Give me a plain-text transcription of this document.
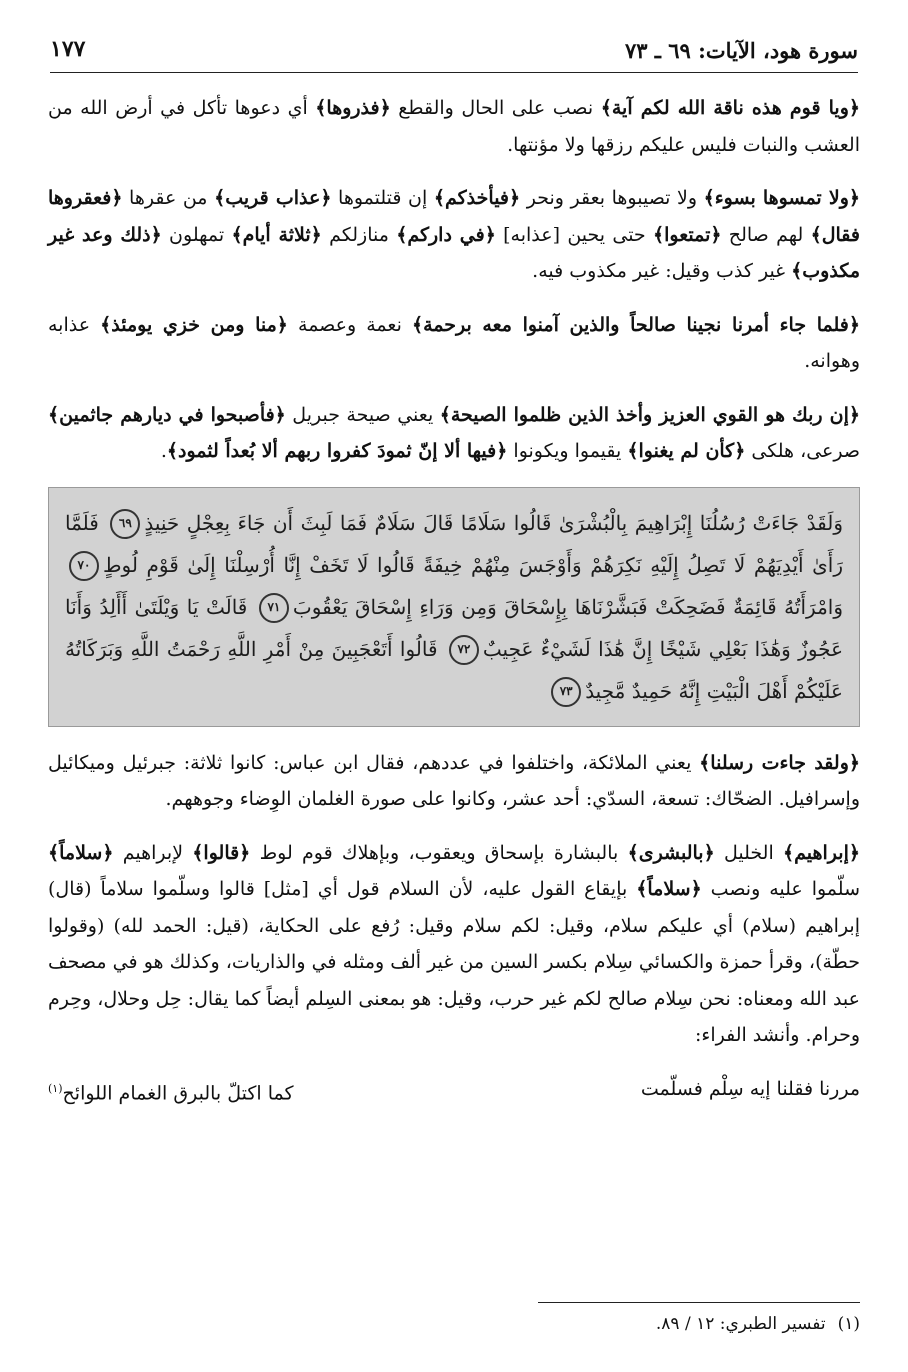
سورة هود، الآيات: ٦٩ ـ ٧٣
١٧٧

﴿ويا قوم هذه ناقة الله لكم آية﴾ نصب على الحال والقطع ﴿فذروها﴾ أي دعوها تأكل في أرض الله من العشب والنبات فليس عليكم رزقها ولا مؤنتها.

﴿ولا تمسوها بسوء﴾ ولا تصيبوها بعقر ونحر ﴿فيأخذكم﴾ إن قتلتموها ﴿عذاب قريب﴾ من عقرها ﴿فعقروها فقال﴾ لهم صالح ﴿تمتعوا﴾ حتى يحين [عذابه] ﴿في داركم﴾ منازلكم ﴿ثلاثة أيام﴾ تمهلون ﴿ذلك وعد غير مكذوب﴾ غير كذب وقيل: غير مكذوب فيه.

﴿فلما جاء أمرنا نجينا صالحاً والذين آمنوا معه برحمة﴾ نعمة وعصمة ﴿منا ومن خزي يومئذ﴾ عذابه وهوانه.

﴿إن ربك هو القوي العزيز وأخذ الذين ظلموا الصيحة﴾ يعني صيحة جبريل ﴿فأصبحوا في ديارهم جاثمين﴾ صرعى، هلكى ﴿كأن لم يغنوا﴾ يقيموا ويكونوا ﴿فيها ألا إنّ ثمودَ كفروا ربهم ألا بُعداً لثمود﴾.

وَلَقَدْ جَاءَتْ رُسُلُنَا إِبْرَاهِيمَ بِالْبُشْرَىٰ قَالُوا سَلَامًا قَالَ سَلَامٌ فَمَا لَبِثَ أَن جَاءَ بِعِجْلٍ حَنِيذٍ٦٩ فَلَمَّا رَأَىٰ أَيْدِيَهُمْ لَا تَصِلُ إِلَيْهِ نَكِرَهُمْ وَأَوْجَسَ مِنْهُمْ خِيفَةً قَالُوا لَا تَخَفْ إِنَّا أُرْسِلْنَا إِلَىٰ قَوْمِ لُوطٍ٧٠ وَامْرَأَتُهُ قَائِمَةٌ فَضَحِكَتْ فَبَشَّرْنَاهَا بِإِسْحَاقَ وَمِن وَرَاءِ إِسْحَاقَ يَعْقُوبَ٧١ قَالَتْ يَا وَيْلَتَىٰ أَأَلِدُ وَأَنَا عَجُوزٌ وَهَٰذَا بَعْلِي شَيْخًا إِنَّ هَٰذَا لَشَيْءٌ عَجِيبٌ٧٢ قَالُوا أَتَعْجَبِينَ مِنْ أَمْرِ اللَّهِ رَحْمَتُ اللَّهِ وَبَرَكَاتُهُ عَلَيْكُمْ أَهْلَ الْبَيْتِ إِنَّهُ حَمِيدٌ مَّجِيدٌ٧٣

﴿ولقد جاءت رسلنا﴾ يعني الملائكة، واختلفوا في عددهم، فقال ابن عباس: كانوا ثلاثة: جبرئيل وميكائيل وإسرافيل. الضحّاك: تسعة، السدّي: أحد عشر، وكانوا على صورة الغلمان الوِضاء وجوههم.

﴿إبراهيم﴾ الخليل ﴿بالبشرى﴾ بالبشارة بإسحاق ويعقوب، وبإهلاك قوم لوط ﴿قالوا﴾ لإبراهيم ﴿سلاماً﴾ سلّموا عليه ونصب ﴿سلاماً﴾ بإيقاع القول عليه، لأن السلام قول أي [مثل] قالوا وسلّموا سلاماً (قال) إبراهيم (سلام) أي عليكم سلام، وقيل: لكم سلام وقيل: رُفع على الحكاية، (قيل: الحمد لله) (وقولوا حطّة)، وقرأ حمزة والكسائي سِلام بكسر السين من غير ألف ومثله في والذاريات، وكذلك هو في مصحف عبد الله ومعناه: نحن سِلام صالح لكم غير حرب، وقيل: هو بمعنى السِلم أيضاً كما يقال: حِل وحلال، وحِرم وحرام. وأنشد الفراء:

مررنا فقلنا إيه سِلْم فسلّمت
كما اكتلّ بالبرق الغمام اللوائح$^{(١)}$
(١)تفسير الطبري: ١٢ / ٨٩.
